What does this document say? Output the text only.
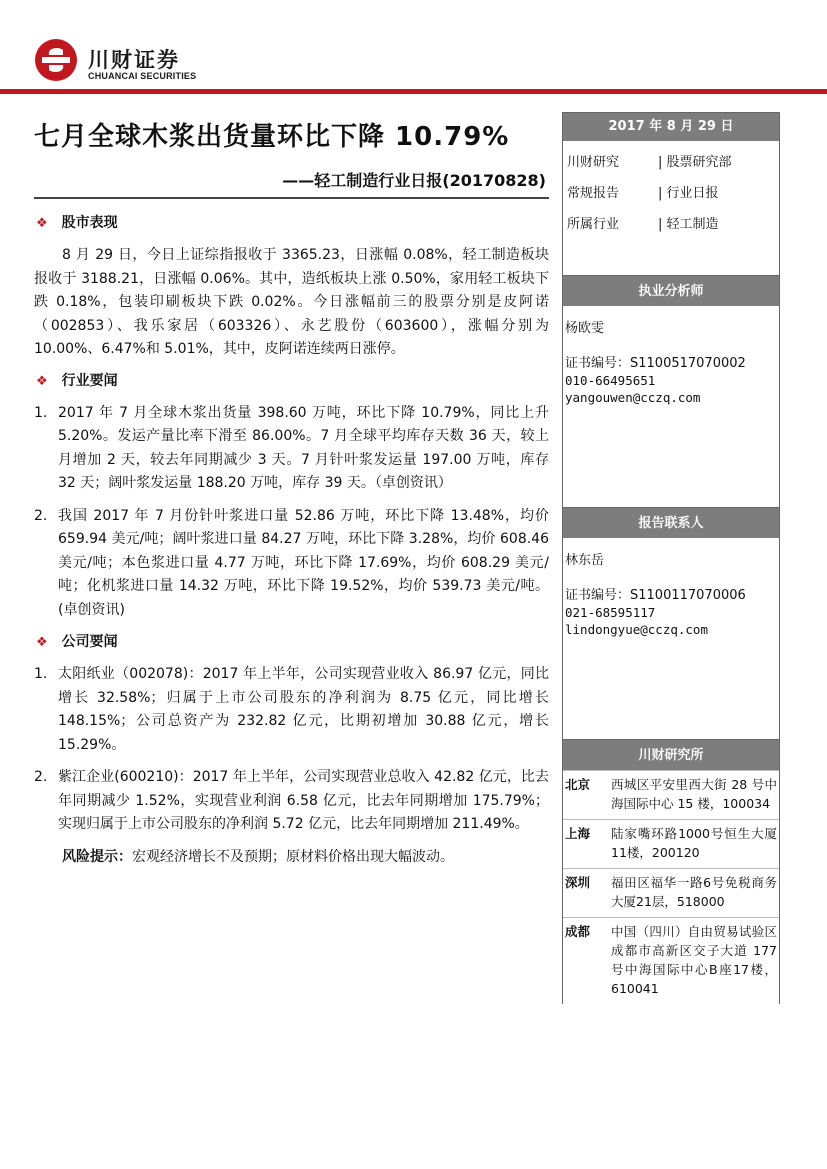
川财证券
CHUANCAI SECURITIES
七月全球木浆出货量环比下降 10.79%
——轻工制造行业日报(20170828)
❖ 股市表现
8 月 29 日，今日上证综指报收于 3365.23，日涨幅 0.08%，轻工制造板块报收于 3188.21，日涨幅 0.06%。其中，造纸板块上涨 0.50%，家用轻工板块下跌 0.18%，包装印刷板块下跌 0.02%。今日涨幅前三的股票分别是皮阿诺（002853）、我乐家居（603326）、永艺股份（603600），涨幅分别为 10.00%、6.47%和 5.01%，其中，皮阿诺连续两日涨停。
❖ 行业要闻
1. 2017 年 7 月全球木浆出货量 398.60 万吨，环比下降 10.79%，同比上升 5.20%。发运产量比率下滑至 86.00%。7 月全球平均库存天数 36 天，较上月增加 2 天，较去年同期减少 3 天。7 月针叶浆发运量 197.00 万吨，库存 32 天；阔叶浆发运量 188.20 万吨，库存 39 天。（卓创资讯）
2. 我国 2017 年 7 月份针叶浆进口量 52.86 万吨，环比下降 13.48%，均价 659.94 美元/吨；阔叶浆进口量 84.27 万吨，环比下降 3.28%，均价 608.46 美元/吨；本色浆进口量 4.77 万吨，环比下降 17.69%，均价 608.29 美元/吨；化机浆进口量 14.32 万吨，环比下降 19.52%，均价 539.73 美元/吨。(卓创资讯)
❖ 公司要闻
1. 太阳纸业（002078)：2017 年上半年，公司实现营业收入 86.97 亿元，同比增长 32.58%；归属于上市公司股东的净利润为 8.75 亿元，同比增长 148.15%；公司总资产为 232.82 亿元，比期初增加 30.88 亿元，增长 15.29%。
2. 紫江企业(600210)：2017 年上半年，公司实现营业总收入 42.82 亿元，比去年同期减少 1.52%，实现营业利润 6.58 亿元，比去年同期增加 175.79%；实现归属于上市公司股东的净利润 5.72 亿元，比去年同期增加 211.49%。
风险提示：宏观经济增长不及预期；原材料价格出现大幅波动。
2017 年 8 月 29 日
川财研究	| 股票研究部
常规报告	| 行业日报
所属行业	| 轻工制造
执业分析师
杨欧雯
证书编号：S1100517070002
010-66495651
yangouwen@cczq.com
报告联系人
林东岳
证书编号：S1100117070006
021-68595117
lindongyue@cczq.com
川财研究所
北京	西城区平安里西大街 28 号中海国际中心 15 楼，100034
上海	陆家嘴环路1000号恒生大厦11楼，200120
深圳	福田区福华一路6号免税商务大厦21层，518000
成都	中国（四川）自由贸易试验区成都市高新区交子大道 177 号中海国际中心B座17楼，610041
